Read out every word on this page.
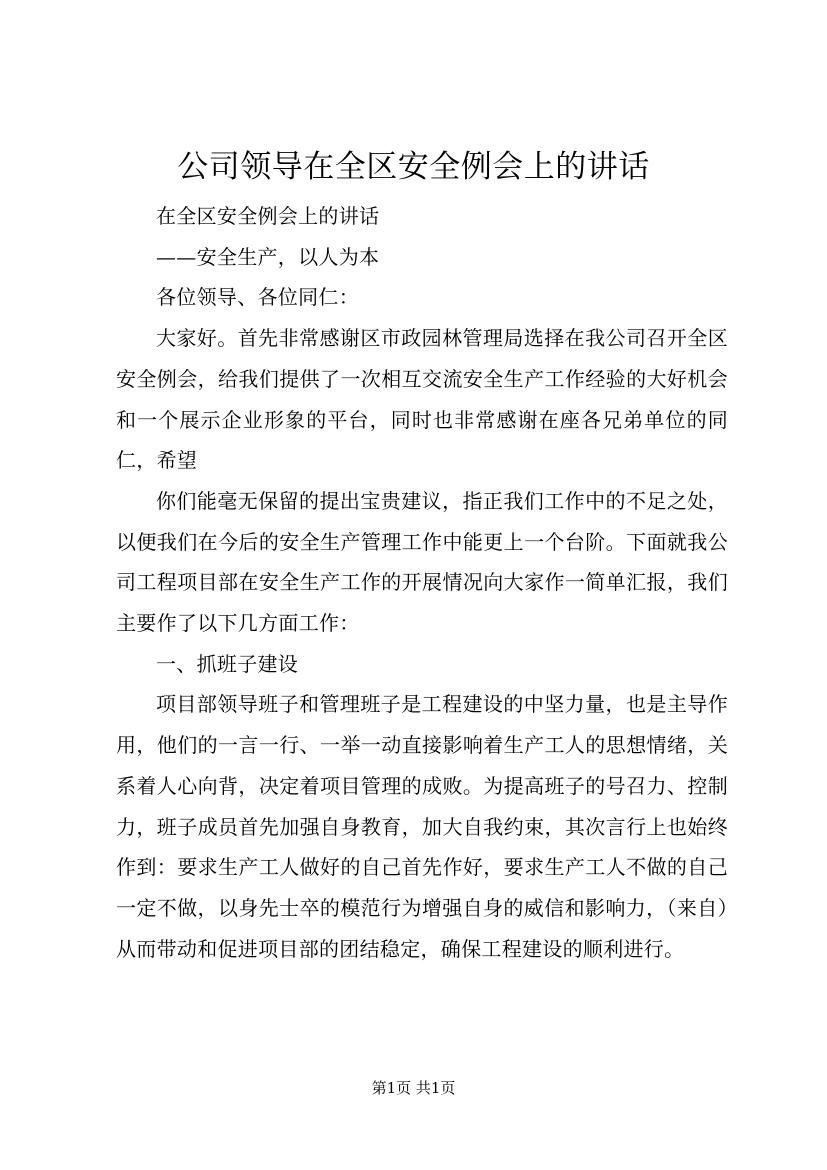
公司领导在全区安全例会上的讲话

在全区安全例会上的讲话

——安全生产，以人为本

各位领导、各位同仁：

大家好。首先非常感谢区市政园林管理局选择在我公司召开全区安全例会，给我们提供了一次相互交流安全生产工作经验的大好机会和一个展示企业形象的平台，同时也非常感谢在座各兄弟单位的同仁，希望

你们能毫无保留的提出宝贵建议，指正我们工作中的不足之处，以便我们在今后的安全生产管理工作中能更上一个台阶。下面就我公司工程项目部在安全生产工作的开展情况向大家作一简单汇报，我们主要作了以下几方面工作：

一、抓班子建设

项目部领导班子和管理班子是工程建设的中坚力量，也是主导作用，他们的一言一行、一举一动直接影响着生产工人的思想情绪，关系着人心向背，决定着项目管理的成败。为提高班子的号召力、控制力，班子成员首先加强自身教育，加大自我约束，其次言行上也始终作到：要求生产工人做好的自己首先作好，要求生产工人不做的自己一定不做，以身先士卒的模范行为增强自身的威信和影响力，（来自）从而带动和促进项目部的团结稳定，确保工程建设的顺利进行。

第1页 共1页
